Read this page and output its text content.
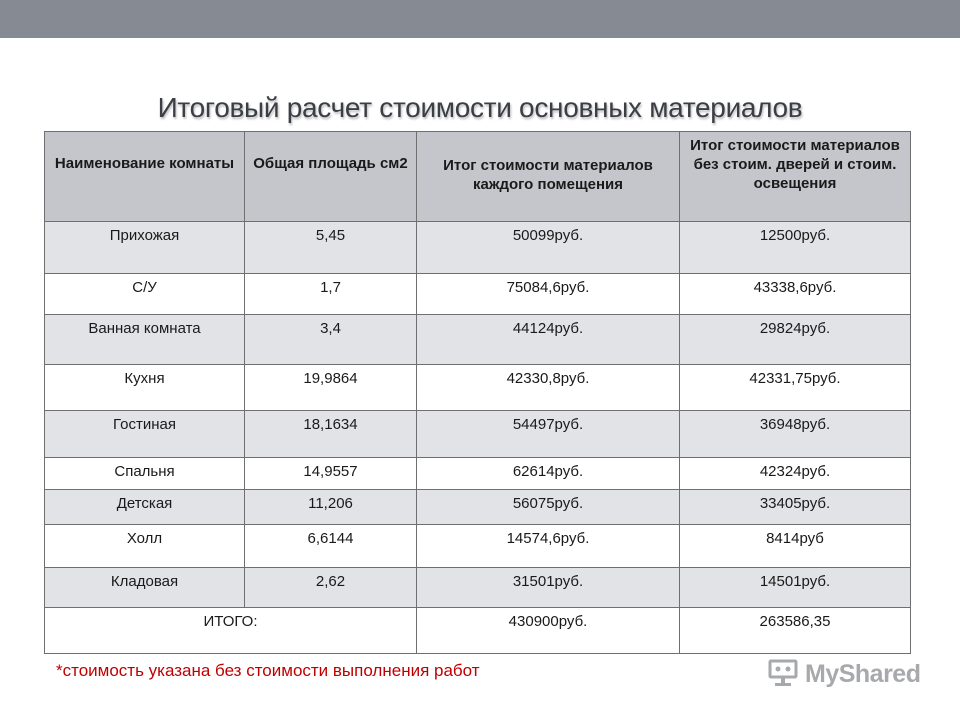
Итоговый расчет стоимости основных материалов
Наименование комнаты	Общая площадь см2	Итог стоимости материалов каждого помещения	Итог стоимости материалов без стоим. дверей и стоим. освещения
Прихожая	5,45	50099руб.	12500руб.
С/У	1,7	75084,6руб.	43338,6руб.
Ванная комната	3,4	44124руб.	29824руб.
Кухня	19,9864	42330,8руб.	42331,75руб.
Гостиная	18,1634	54497руб.	36948руб.
Спальня	14,9557	62614руб.	42324руб.
Детская	11,206	56075руб.	33405руб.
Холл	6,6144	14574,6руб.	8414руб
Кладовая	2,62	31501руб.	14501руб.
ИТОГО:		430900руб.	263586,35
*стоимость указана без стоимости выполнения работ	MyShared
